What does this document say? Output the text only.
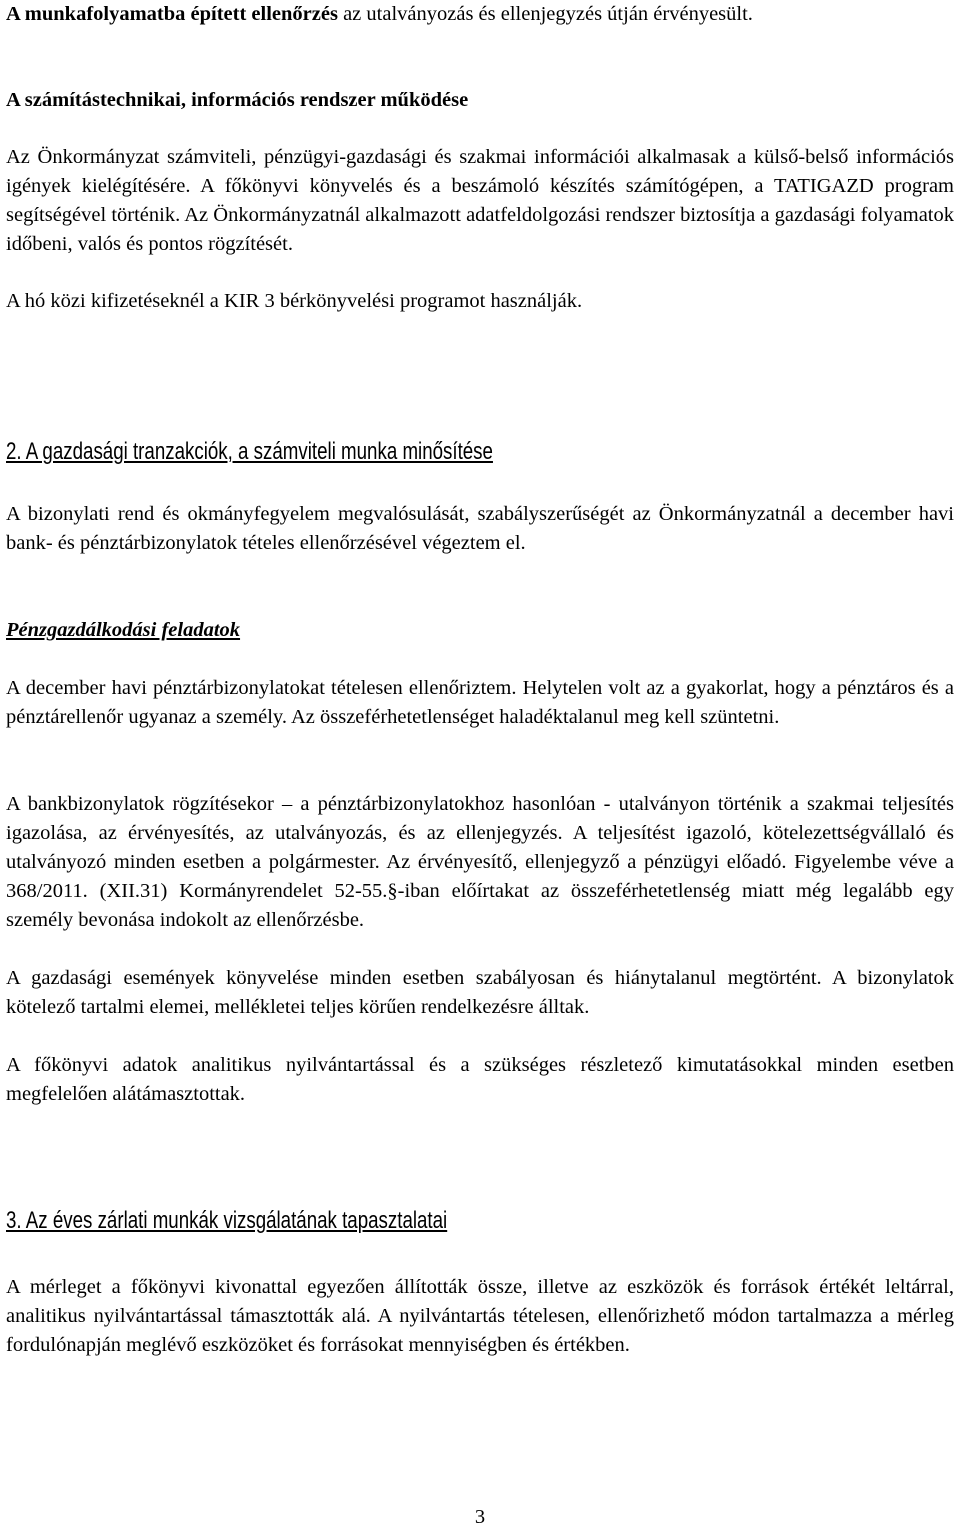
A munkafolyamatba épített ellenőrzés az utalványozás és ellenjegyzés útján érvényesült.

A számítástechnikai, információs rendszer működése

Az Önkormányzat számviteli, pénzügyi-gazdasági és szakmai információi alkalmasak a külső-belső információs igények kielégítésére. A főkönyvi könyvelés és a beszámoló készítés számítógépen, a TATIGAZD program segítségével történik. Az Önkormányzatnál alkalmazott adatfeldolgozási rendszer biztosítja a gazdasági folyamatok időbeni, valós és pontos rögzítését.

A hó közi kifizetéseknél a KIR 3 bérkönyvelési programot használják.

2. A gazdasági tranzakciók, a számviteli munka minősítése

A bizonylati rend és okmányfegyelem megvalósulását, szabályszerűségét az Önkormányzatnál a december havi bank- és pénztárbizonylatok tételes ellenőrzésével végeztem el.

Pénzgazdálkodási feladatok

A december havi pénztárbizonylatokat tételesen ellenőriztem. Helytelen volt az a gyakorlat, hogy a pénztáros és a pénztárellenőr ugyanaz a személy. Az összeférhetetlenséget haladéktalanul meg kell szüntetni.

A bankbizonylatok rögzítésekor – a pénztárbizonylatokhoz hasonlóan - utalványon történik a szakmai teljesítés igazolása, az érvényesítés, az utalványozás, és az ellenjegyzés. A teljesítést igazoló, kötelezettségvállaló és utalványozó minden esetben a polgármester. Az érvényesítő, ellenjegyző a pénzügyi előadó. Figyelembe véve a 368/2011. (XII.31) Kormányrendelet 52-55.§-iban előírtakat az összeférhetetlenség miatt még legalább egy személy bevonása indokolt az ellenőrzésbe.

A gazdasági események könyvelése minden esetben szabályosan és hiánytalanul megtörtént. A bizonylatok kötelező tartalmi elemei, mellékletei teljes körűen rendelkezésre álltak.

A főkönyvi adatok analitikus nyilvántartással és a szükséges részletező kimutatásokkal minden esetben megfelelően alátámasztottak.

3. Az éves zárlati munkák vizsgálatának tapasztalatai

A mérleget a főkönyvi kivonattal egyezően állították össze, illetve az eszközök és források értékét leltárral, analitikus nyilvántartással támasztották alá. A nyilvántartás tételesen, ellenőrizhető módon tartalmazza a mérleg fordulónapján meglévő eszközöket és forrásokat mennyiségben és értékben.

3
